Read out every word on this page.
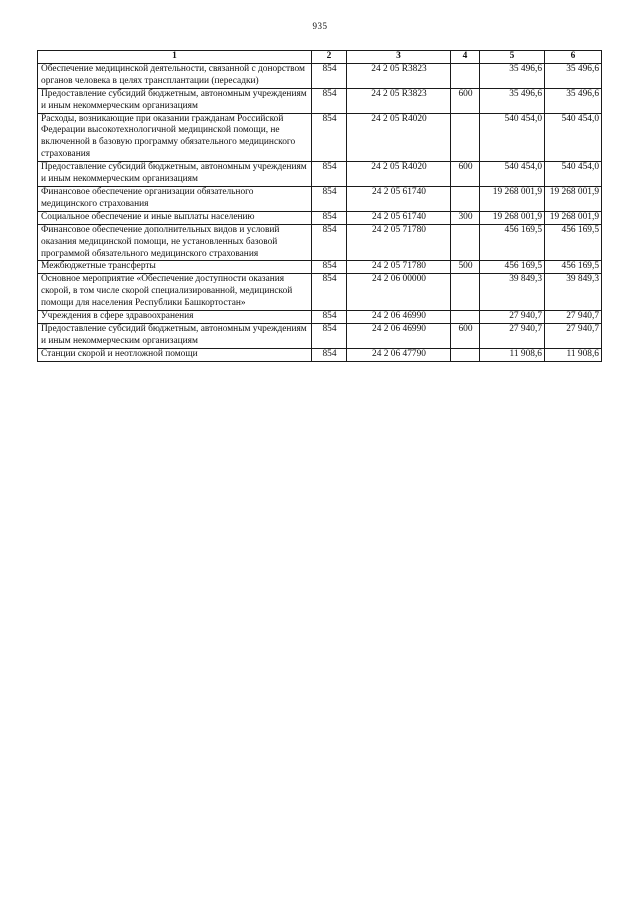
935
1	2	3	4	5	6
Обеспечение медицинской деятельности, связанной с донорством органов человека в целях трансплантации (пересадки)	854	24 2 05 R3823		35 496,6	35 496,6
Предоставление субсидий бюджетным, автономным учреждениям и иным некоммерческим организациям	854	24 2 05 R3823	600	35 496,6	35 496,6
Расходы, возникающие при оказании гражданам Российской Федерации высокотехнологичной медицинской помощи, не включенной в базовую программу обязательного медицинского страхования	854	24 2 05 R4020		540 454,0	540 454,0
Предоставление субсидий бюджетным, автономным учреждениям и иным некоммерческим организациям	854	24 2 05 R4020	600	540 454,0	540 454,0
Финансовое обеспечение организации обязательного медицинского страхования	854	24 2 05 61740		19 268 001,9	19 268 001,9
Социальное обеспечение и иные выплаты населению	854	24 2 05 61740	300	19 268 001,9	19 268 001,9
Финансовое обеспечение дополнительных видов и условий оказания медицинской помощи, не установленных базовой программой обязательного медицинского страхования	854	24 2 05 71780		456 169,5	456 169,5
Межбюджетные трансферты	854	24 2 05 71780	500	456 169,5	456 169,5
Основное мероприятие «Обеспечение доступности оказания скорой, в том числе скорой специализированной, медицинской помощи для населения Республики Башкортостан»	854	24 2 06 00000		39 849,3	39 849,3
Учреждения в сфере здравоохранения	854	24 2 06 46990		27 940,7	27 940,7
Предоставление субсидий бюджетным, автономным учреждениям и иным некоммерческим организациям	854	24 2 06 46990	600	27 940,7	27 940,7
Станции скорой и неотложной помощи	854	24 2 06 47790		11 908,6	11 908,6
